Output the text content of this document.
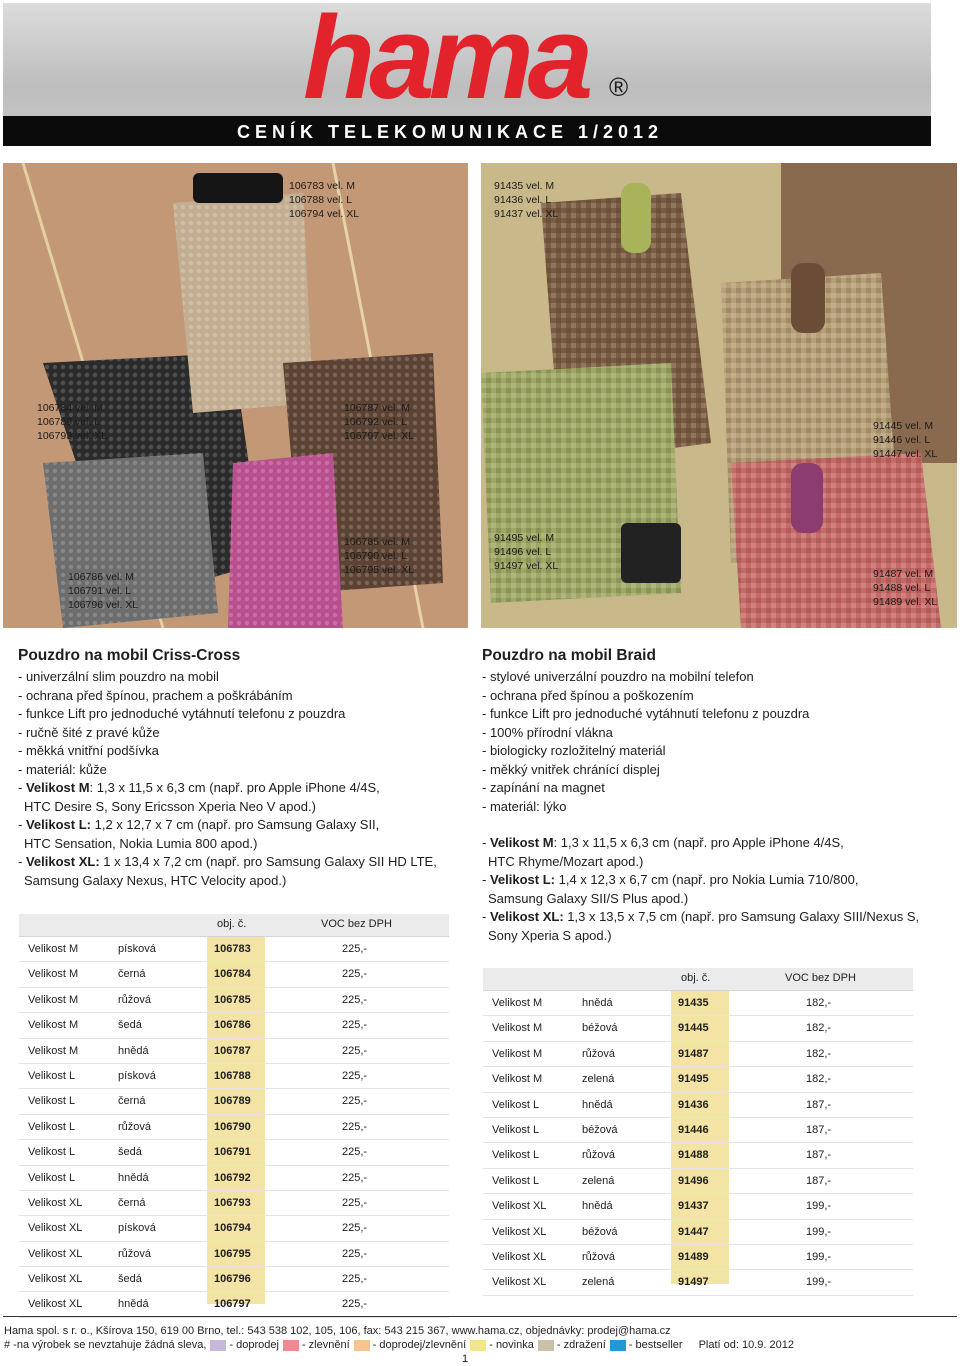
hama ®
CENÍK TELEKOMUNIKACE 1/2012
106783 vel. M
106788 vel. L
106794 vel. XL
106784 vel. M
106789 vel. L
106793 vel. XL
106787 vel. M
106792 vel. L
106797 vel. XL
106786 vel. M
106791 vel. L
106796 vel. XL
106785 vel. M
106790 vel. L
106795 vel. XL
91435 vel. M
91436 vel. L
91437 vel. XL
91445 vel. M
91446 vel. L
91447 vel. XL
91495 vel. M
91496 vel. L
91497 vel. XL
91487 vel. M
91488 vel. L
91489 vel. XL
Pouzdro na mobil Criss-Cross
- univerzální slim pouzdro na mobil
- ochrana před špínou, prachem a poškrábáním
- funkce Lift pro jednoduché vytáhnutí telefonu z pouzdra
- ručně šité z pravé kůže
- měkká vnitřní podšívka
- materiál: kůže
- Velikost M: 1,3 x 11,5 x 6,3 cm (např. pro Apple iPhone 4/4S,
HTC Desire S, Sony Ericsson Xperia Neo V apod.)
- Velikost L: 1,2 x 12,7 x 7 cm (např. pro Samsung Galaxy SII,
HTC Sensation, Nokia Lumia 800 apod.)
- Velikost XL: 1 x 13,4 x 7,2 cm (např. pro Samsung Galaxy SII HD LTE,
Samsung Galaxy Nexus, HTC Velocity apod.)
Pouzdro na mobil Braid
- stylové univerzální pouzdro na mobilní telefon
- ochrana před špínou a poškozením
- funkce Lift pro jednoduché vytáhnutí telefonu z pouzdra
- 100% přírodní vlákna
- biologicky rozložitelný materiál
- měkký vnitřek chránící displej
- zapínání na magnet
- materiál: lýko
- Velikost M: 1,3 x 11,5 x 6,3 cm (např. pro Apple iPhone 4/4S,
HTC Rhyme/Mozart apod.)
- Velikost L: 1,4 x 12,3 x 6,7 cm (např. pro Nokia Lumia 710/800,
Samsung Galaxy SII/S Plus apod.)
- Velikost XL: 1,3 x 13,5 x 7,5 cm (např. pro Samsung Galaxy SIII/Nexus S,
Sony Xperia S apod.)
obj. č.	VOC bez DPH
Velikost M	písková	106783	225,-
Velikost M	černá	106784	225,-
Velikost M	růžová	106785	225,-
Velikost M	šedá	106786	225,-
Velikost M	hnědá	106787	225,-
Velikost L	písková	106788	225,-
Velikost L	černá	106789	225,-
Velikost L	růžová	106790	225,-
Velikost L	šedá	106791	225,-
Velikost L	hnědá	106792	225,-
Velikost XL	černá	106793	225,-
Velikost XL	písková	106794	225,-
Velikost XL	růžová	106795	225,-
Velikost XL	šedá	106796	225,-
Velikost XL	hnědá	106797	225,-
obj. č.	VOC bez DPH
Velikost M	hnědá	91435	182,-
Velikost M	béžová	91445	182,-
Velikost M	růžová	91487	182,-
Velikost M	zelená	91495	182,-
Velikost L	hnědá	91436	187,-
Velikost L	béžová	91446	187,-
Velikost L	růžová	91488	187,-
Velikost L	zelená	91496	187,-
Velikost XL	hnědá	91437	199,-
Velikost XL	béžová	91447	199,-
Velikost XL	růžová	91489	199,-
Velikost XL	zelená	91497	199,-
Hama spol. s r. o., Kšírova 150, 619 00 Brno, tel.: 543 538 102, 105, 106, fax: 543 215 367, www.hama.cz, objednávky: prodej@hama.cz
# -na výrobek se nevztahuje žádná sleva,	- doprodej - zlevnění - doprodej/zlevnění - novinka - zdražení - bestseller Platí od: 10.9. 2012
1
